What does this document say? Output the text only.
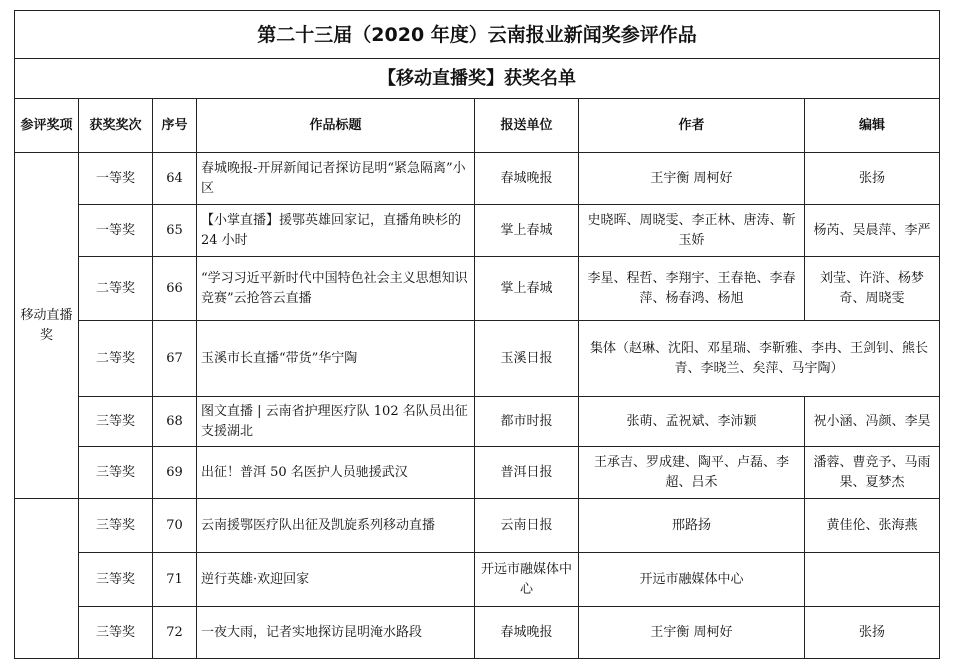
第二十三届（2020 年度）云南报业新闻奖参评作品						
【移动直播奖】获奖名单						
参评奖项	获奖奖次	序号	作品标题	报送单位	作者	编辑
移动直播奖	一等奖	64	春城晚报-开屏新闻记者探访昆明“紧急隔离”小区	春城晚报	王宇衡 周柯好	张扬
	一等奖	65	【小掌直播】援鄂英雄回家记，直播角映杉的 24 小时	掌上春城	史晓晖、周晓雯、李正林、唐涛、靳玉娇	杨芮、吴晨萍、李严
	二等奖	66	“学习习近平新时代中国特色社会主义思想知识竞赛”云抢答云直播	掌上春城	李星、程哲、李翔宇、王春艳、李春萍、杨春鸿、杨旭	刘莹、许浒、杨梦奇、周晓雯
	二等奖	67	玉溪市长直播“带货”华宁陶	玉溪日报	集体（赵琳、沈阳、邓星瑞、李靳雅、李冉、王剑钊、熊长青、李晓兰、矣萍、马宇陶）	
	三等奖	68	图文直播 | 云南省护理医疗队 102 名队员出征支援湖北	都市时报	张萌、孟祝斌、李沛颖	祝小涵、冯颜、李昊
	三等奖	69	出征！普洱 50 名医护人员驰援武汉	普洱日报	王承吉、罗成建、陶平、卢磊、李超、吕禾	潘蓉、曹竞予、马雨果、夏梦杰
	三等奖	70	云南援鄂医疗队出征及凯旋系列移动直播	云南日报	邢路扬	黄佳伦、张海燕
	三等奖	71	逆行英雄·欢迎回家	开远市融媒体中心	开远市融媒体中心	
	三等奖	72	一夜大雨，记者实地探访昆明淹水路段	春城晚报	王宇衡 周柯好	张扬
